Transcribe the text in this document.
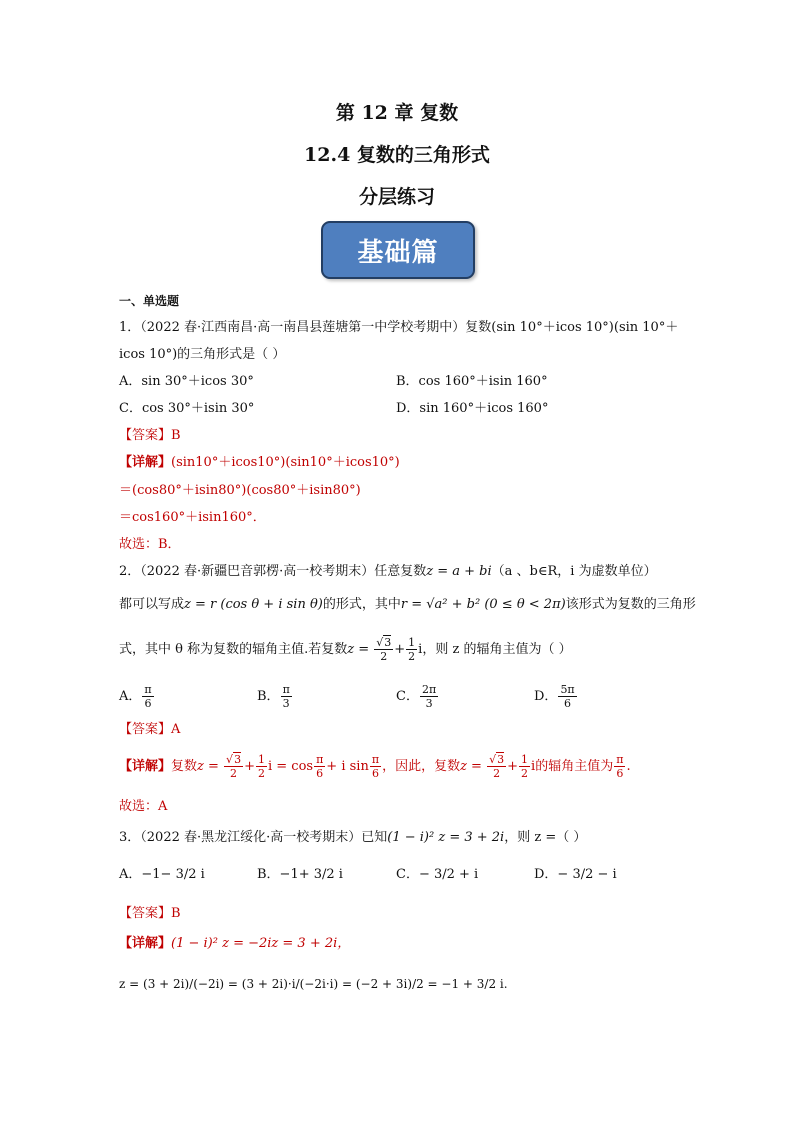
第 12 章 复数
12.4 复数的三角形式
分层练习
基础篇
一、单选题
1．（2022 春·江西南昌·高一南昌县莲塘第一中学校考期中）复数(sin 10°＋icos 10°)(sin 10°＋
icos 10°)的三角形式是（ ）
A．sin 30°＋icos 30°	B．cos 160°＋isin 160°
C．cos 30°＋isin 30°	D．sin 160°＋icos 160°
【答案】B
【详解】(sin10°＋icos10°)(sin10°＋icos10°)
＝(cos80°＋isin80°)(cos80°＋isin80°)
＝cos160°＋isin160°．
故选：B．
2．（2022 春·新疆巴音郭楞·高一校考期末）任意复数z = a + bi（a 、b∈R，i 为虚数单位）
都可以写成z = r (cos θ + i sin θ)的形式，其中r = √a² + b² (0 ≤ θ < 2π)该形式为复数的三角形
式，其中 θ 称为复数的辐角主值.若复数$z = \frac{√3}{2} + \frac{1}{2}$ i，则 z 的辐角主值为（ ）
A． $\frac{\pi}{6}$	B． $\frac{\pi}{3}$	C． $\frac{2\pi}{3}$	D． $\frac{5\pi}{6}$
【答案】A
【详解】复数$z = \frac{√3}{2} + \frac{1}{2}$ $i = \cos \frac{\pi}{6} + i$ $\sin \frac{\pi}{6}$ ，因此，复数$z = \frac{√3}{2} + \frac{1}{2}$ i的辐角主值为 $\frac{\pi}{6}$ .
故选：A
3．（2022 春·黑龙江绥化·高一校考期末）已知(1 − i)² z = 3 + 2i，则 z =（ ）
A．−1− 3/2 i	B．−1+ 3/2 i	C．− 3/2 + i	D．− 3/2 − i
【答案】B
【详解】(1 − i)² z = −2iz = 3 + 2i，
z = (3 + 2i)/(−2i) = (3 + 2i)·i/(−2i·i) = (−2 + 3i)/2 = −1 + 3/2 i.
